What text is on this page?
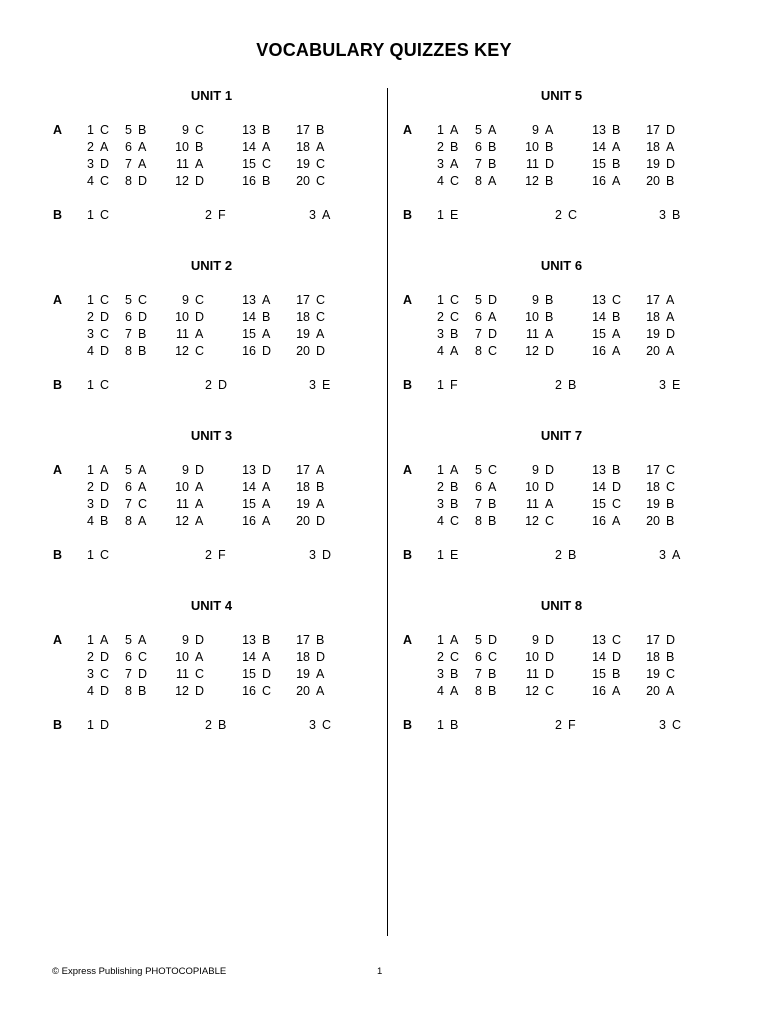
VOCABULARY QUIZZES KEY
UNIT 1
A	1 C	5 B	9 C	13 B	17 B
2 A	6 A	10 B	14 A	18 A
3 D	7 A	11 A	15 C	19 C
4 C	8 D	12 D	16 B	20 C
B	1 C	2 F	3 A
UNIT 2
A	1 C	5 C	9 C	13 A	17 C
2 D	6 D	10 D	14 B	18 C
3 C	7 B	11 A	15 A	19 A
4 D	8 B	12 C	16 D	20 D
B	1 C	2 D	3 E
UNIT 3
A	1 A	5 A	9 D	13 D	17 A
2 D	6 A	10 A	14 A	18 B
3 D	7 C	11 A	15 A	19 A
4 B	8 A	12 A	16 A	20 D
B	1 C	2 F	3 D
UNIT 4
A	1 A	5 A	9 D	13 B	17 B
2 D	6 C	10 A	14 A	18 D
3 C	7 D	11 C	15 D	19 A
4 D	8 B	12 D	16 C	20 A
B	1 D	2 B	3 C
UNIT 5
A	1 A	5 A	9 A	13 B	17 D
2 B	6 B	10 B	14 A	18 A
3 A	7 B	11 D	15 B	19 D
4 C	8 A	12 B	16 A	20 B
B	1 E	2 C	3 B
UNIT 6
A	1 C	5 D	9 B	13 C	17 A
2 C	6 A	10 B	14 B	18 A
3 B	7 D	11 A	15 A	19 D
4 A	8 C	12 D	16 A	20 A
B	1 F	2 B	3 E
UNIT 7
A	1 A	5 C	9 D	13 B	17 C
2 B	6 A	10 D	14 D	18 C
3 B	7 B	11 A	15 C	19 B
4 C	8 B	12 C	16 A	20 B
B	1 E	2 B	3 A
UNIT 8
A	1 A	5 D	9 D	13 C	17 D
2 C	6 C	10 D	14 D	18 B
3 B	7 B	11 D	15 B	19 C
4 A	8 B	12 C	16 A	20 A
B	1 B	2 F	3 C
© Express Publishing PHOTOCOPIABLE	1
